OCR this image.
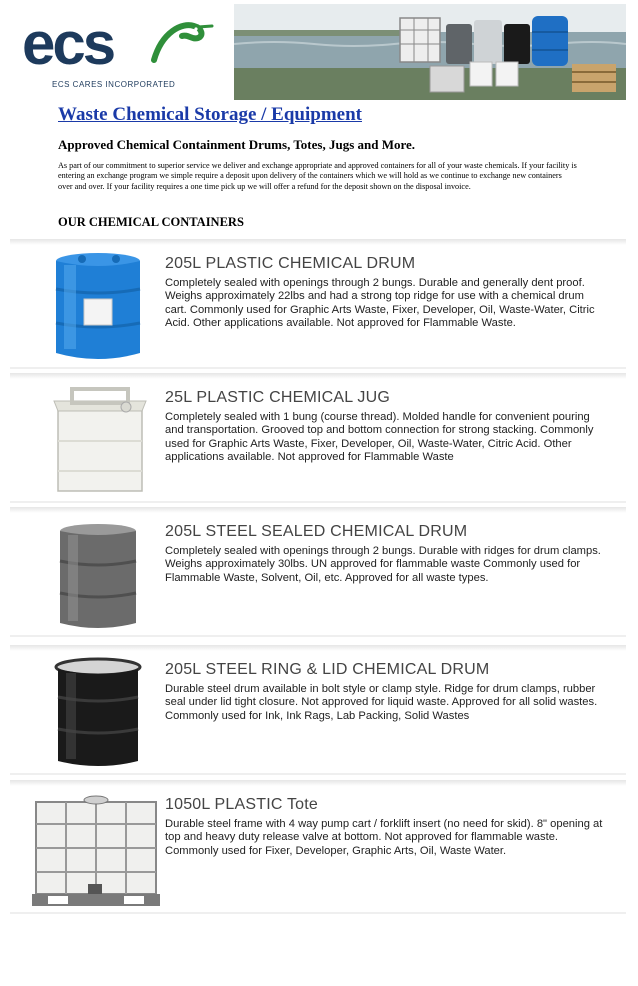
ecs
ECS CARES INCORPORATED
Waste Chemical Storage / Equipment
Approved Chemical Containment Drums, Totes, Jugs and More.
As part of our commitment to superior service we deliver and exchange appropriate and approved containers for all of your waste chemicals. If your facility is entering an exchange program we simple require a deposit upon delivery of the containers which we will hold as we continue to exchange new containers over and over. If your facility requires a one time pick up we will offer a refund for the deposit shown on the disposal invoice.
OUR CHEMICAL CONTAINERS
205L PLASTIC CHEMICAL DRUM
Completely sealed with openings through 2 bungs. Durable and generally dent proof. Weighs approximately 22lbs and had a strong top ridge for use with a chemical drum cart. Commonly used for Graphic Arts Waste, Fixer, Developer, Oil, Waste-Water, Citric Acid. Other applications available. Not approved for Flammable Waste.
25L PLASTIC CHEMICAL JUG
Completely sealed with 1 bung (course thread). Molded handle for convenient pouring and transportation. Grooved top and bottom connection for strong stacking. Commonly used for Graphic Arts Waste, Fixer, Developer, Oil, Waste-Water, Citric Acid. Other applications available. Not approved for Flammable Waste
205L STEEL SEALED CHEMICAL DRUM
Completely sealed with openings through 2 bungs. Durable with ridges for drum clamps. Weighs approximately 30lbs. UN approved for flammable waste Commonly used for Flammable Waste, Solvent, Oil, etc. Approved for all waste types.
205L STEEL RING & LID CHEMICAL DRUM
Durable steel drum available in bolt style or clamp style. Ridge for drum clamps, rubber seal under lid tight closure. Not approved for liquid waste. Approved for all solid wastes. Commonly used for Ink, Ink Rags, Lab Packing, Solid Wastes
1050L PLASTIC Tote
Durable steel frame with 4 way pump cart / forklift insert (no need for skid). 8" opening at top and heavy duty release valve at bottom. Not approved for flammable waste. Commonly used for Fixer, Developer, Graphic Arts, Oil, Waste Water.
